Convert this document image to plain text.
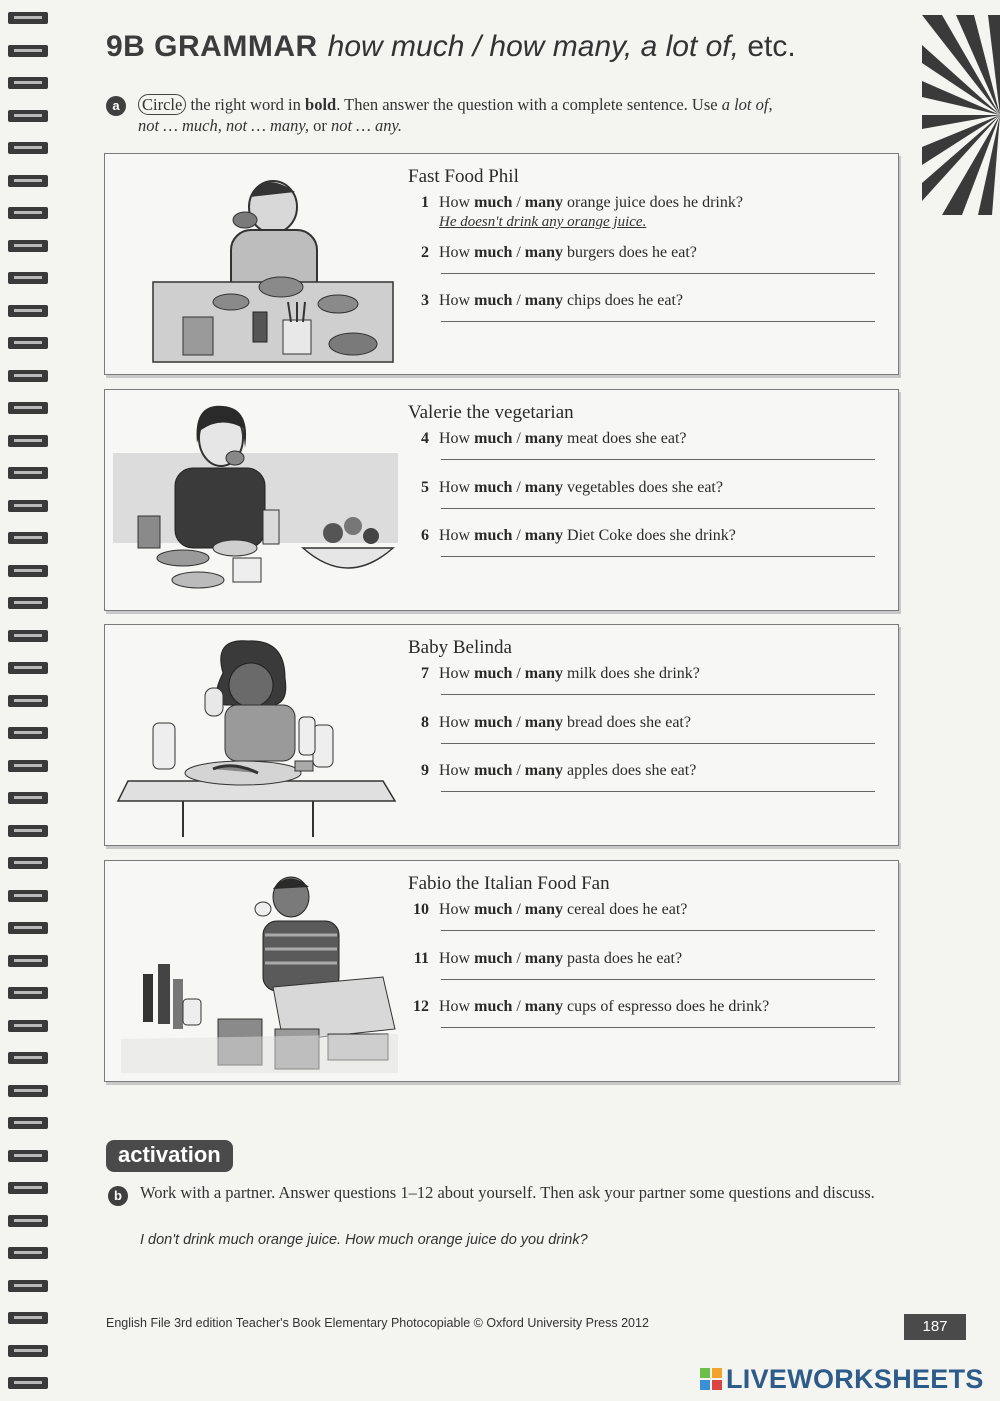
9B GRAMMAR how much / how many, a lot of, etc.
a	Circle the right word in bold. Then answer the question with a complete sentence. Use a lot of,
not … much, not … many, or not … any.
Fast Food Phil
1 How much / many orange juice does he drink?
He doesn't drink any orange juice.
2 How much / many burgers does he eat?
3 How much / many chips does he eat?
Valerie the vegetarian
4 How much / many meat does she eat?
5 How much / many vegetables does she eat?
6 How much / many Diet Coke does she drink?
Baby Belinda
7 How much / many milk does she drink?
8 How much / many bread does she eat?
9 How much / many apples does she eat?
Fabio the Italian Food Fan
10 How much / many cereal does he eat?
11 How much / many pasta does he eat?
12 How much / many cups of espresso does he drink?
activation
b	Work with a partner. Answer questions 1–12 about yourself. Then ask your partner some questions and discuss.
I don't drink much orange juice. How much orange juice do you drink?
English File 3rd edition Teacher's Book Elementary Photocopiable © Oxford University Press 2012	187
LIVEWORKSHEETS
